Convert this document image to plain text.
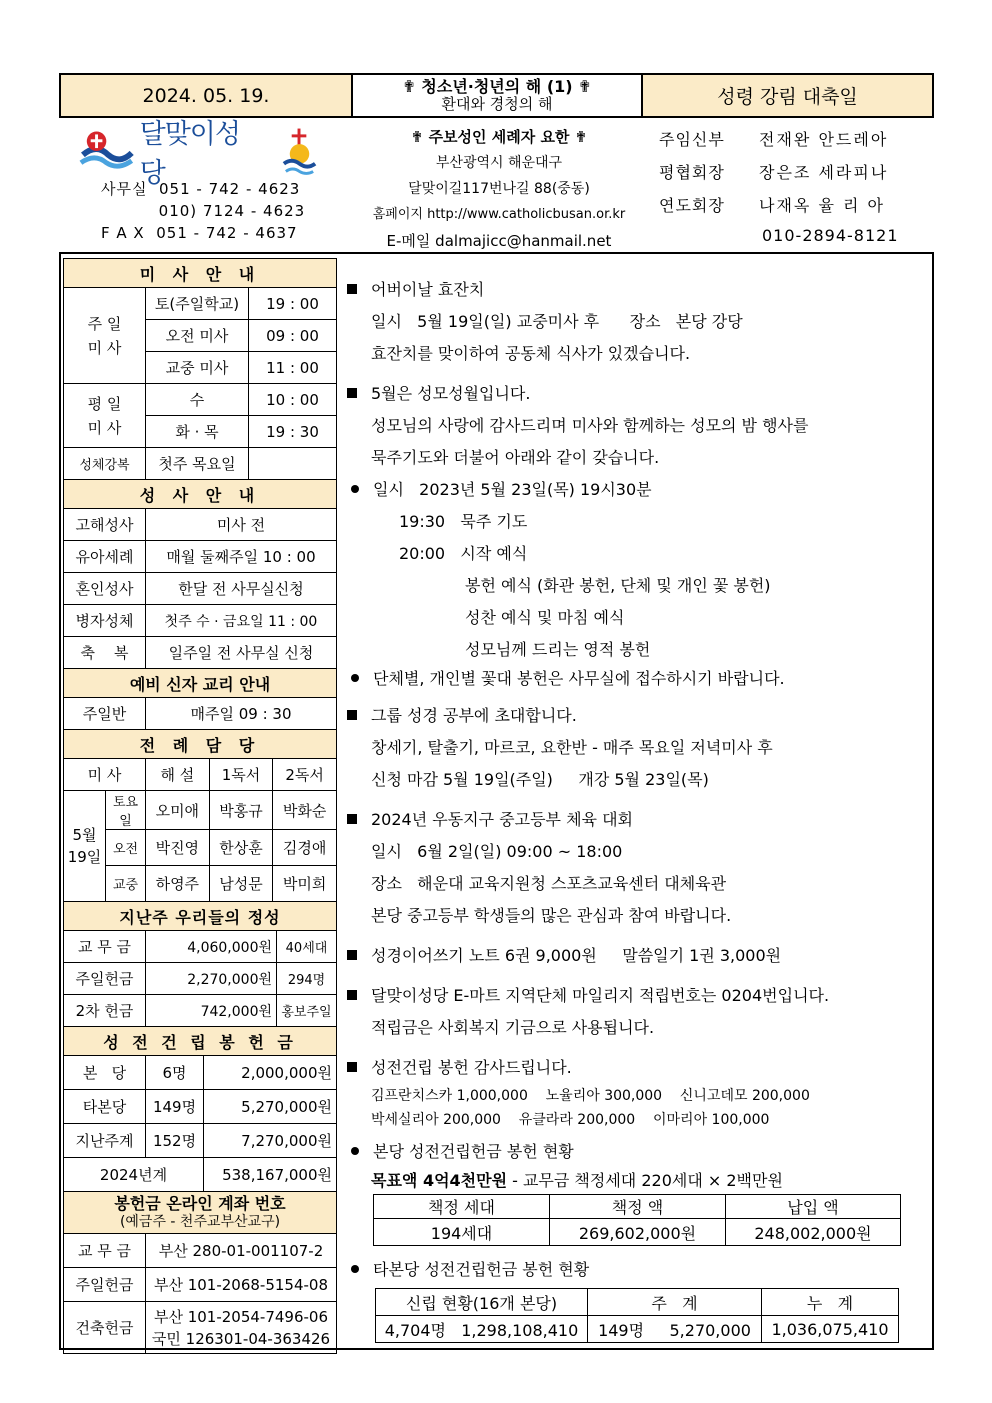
2024. 05. 19.	✟ 청소년·청년의 해 (1) ✟
환대와 경청의 해	성령 강림 대축일
달맞이성당
사무실  051 - 742 - 4623
010) 7124 - 4623
F A X  051 - 742 - 4637
✟ 주보성인 세례자 요한 ✟
부산광역시 해운대구
달맞이길117번나길 88(중동)
홈페이지 http://www.catholicbusan.or.kr
E-메일 dalmajicc@hanmail.net
주임신부	전재완 안드레아
평협회장	장은조 세라피나
연도회장	나재옥 율 리 아
010-2894-8121
미 사 안 내		
주 일
미 사	토(주일학교)	19 : 00
	오전 미사	09 : 00
	교중 미사	11 : 00
평 일
미 사	수	10 : 00
	화 · 목	19 : 30
성체강복	첫주 목요일	
성 사 안 내	
고해성사	미사 전
유아세례	매월 둘째주일 10 : 00
혼인성사	한달 전 사무실신청
병자성체	첫주 수 · 금요일 11 : 00
축    복	일주일 전 사무실 신청
예비 신자 교리 안내	
주일반	매주일 09 : 30
전 례 담 당				
미 사		해 설	1독서	2독서
5월
19일	토요일	오미애	박홍규	박화순
	오전	박진영	한상훈	김경애
	교중	하영주	남성문	박미희
지난주 우리들의 정성		
교 무 금	4,060,000원	40세대
주일헌금	2,270,000원	294명
2차 헌금	742,000원	홍보주일
성 전 건 립 봉 헌 금		
본   당	6명	2,000,000원
타본당	149명	5,270,000원
지난주계	152명	7,270,000원
2024년계		538,167,000원
봉헌금 온라인 계좌 번호
(예금주 - 천주교부산교구)	

교 무 금	부산 280-01-001107-2
주일헌금	부산 101-2068-5154-08
건축헌금	부산 101-2054-7496-06
국민 126301-04-363426
어버이날 효잔치
일시   5월 19일(일) 교중미사 후      장소   본당 강당
효잔치를 맞이하여 공동체 식사가 있겠습니다.
5월은 성모성월입니다.
성모님의 사랑에 감사드리며 미사와 함께하는 성모의 밤 행사를
묵주기도와 더불어 아래와 같이 갖습니다.
일시   2023년 5월 23일(목) 19시30분
19:30   묵주 기도
20:00   시작 예식
봉헌 예식 (화관 봉헌, 단체 및 개인 꽃 봉헌)
성찬 예식 및 마침 예식
성모님께 드리는 영적 봉헌
단체별, 개인별 꽃대 봉헌은 사무실에 접수하시기 바랍니다.
그룹 성경 공부에 초대합니다.
창세기, 탈출기, 마르코, 요한반 - 매주 목요일 저녁미사 후
신청 마감 5월 19일(주일)     개강 5월 23일(목)
2024년 우동지구 중고등부 체육 대회
일시   6월 2일(일) 09:00 ~ 18:00
장소   해운대 교육지원청 스포츠교육센터 대체육관
본당 중고등부 학생들의 많은 관심과 참여 바랍니다.
성경이어쓰기 노트 6권 9,000원     말씀일기 1권 3,000원
달맞이성당 E-마트 지역단체 마일리지 적립번호는 0204번입니다.
적립금은 사회복지 기금으로 사용됩니다.
성전건립 봉헌 감사드립니다.
김프란치스카 1,000,000    노율리아 300,000    신니고데모 200,000
박세실리아 200,000    유클라라 200,000    이마리아 100,000
본당 성전건립헌금 봉헌 현황
목표액 4억4천만원 - 교무금 책정세대 220세대 × 2백만원
책정 세대	책정 액	납입 액
194세대	269,602,000원	248,002,000원
타본당 성전건립헌금 봉헌 현황
신립 현황(16개 본당)	주   계	누   계
4,704명 1,298,108,410	149명 5,270,000	1,036,075,410
